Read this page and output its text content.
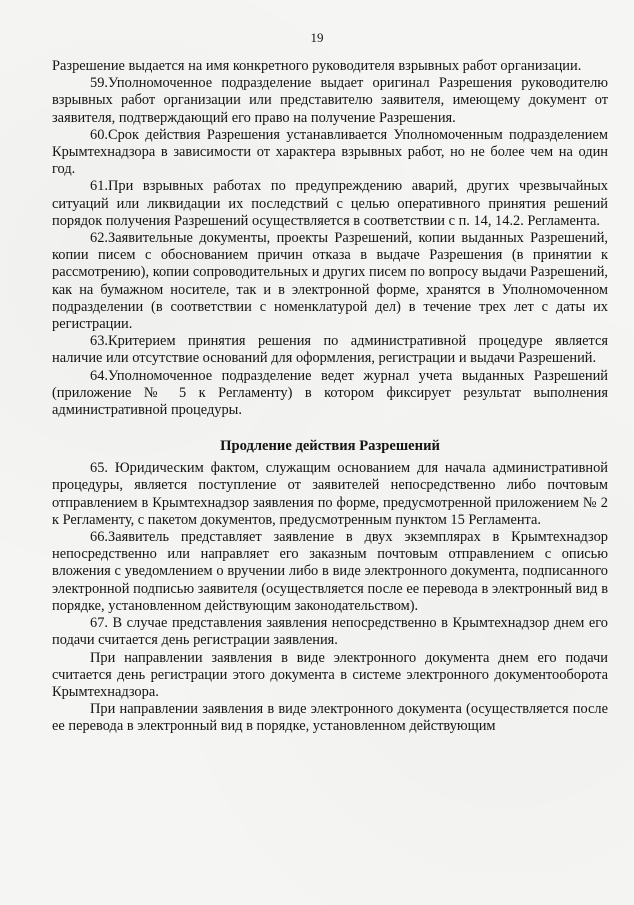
19

Разрешение выдается на имя конкретного руководителя взрывных работ организации.

59.Уполномоченное подразделение выдает оригинал Разрешения руководителю взрывных работ организации или представителю заявителя, имеющему документ от заявителя, подтверждающий его право на получение Разрешения.

60.Срок действия Разрешения устанавливается Уполномоченным подразделением Крымтехнадзора в зависимости от характера взрывных работ, но не более чем на один год.

61.При взрывных работах по предупреждению аварий, других чрезвычайных ситуаций или ликвидации их последствий с целью оперативного принятия решений порядок получения Разрешений осуществляется в соответствии с п. 14, 14.2. Регламента.

62.Заявительные документы, проекты Разрешений, копии выданных Разрешений, копии писем с обоснованием причин отказа в выдаче Разрешения (в принятии к рассмотрению), копии сопроводительных и других писем по вопросу выдачи Разрешений, как на бумажном носителе, так и в электронной форме, хранятся в Уполномоченном подразделении (в соответствии с номенклатурой дел) в течение трех лет с даты их регистрации.

63.Критерием принятия решения по административной процедуре является наличие или отсутствие оснований для оформления, регистрации и выдачи Разрешений.

64.Уполномоченное подразделение ведет журнал учета выданных Разрешений (приложение № 5 к Регламенту) в котором фиксирует результат выполнения административной процедуры.

Продление действия Разрешений

65. Юридическим фактом, служащим основанием для начала административной процедуры, является поступление от заявителей непосредственно либо почтовым отправлением в Крымтехнадзор заявления по форме, предусмотренной приложением № 2 к Регламенту, с пакетом документов, предусмотренным пунктом 15 Регламента.

66.Заявитель представляет заявление в двух экземплярах в Крымтехнадзор непосредственно или направляет его заказным почтовым отправлением с описью вложения с уведомлением о вручении либо в виде электронного документа, подписанного электронной подписью заявителя (осуществляется после ее перевода в электронный вид в порядке, установленном действующим законодательством).

67. В случае представления заявления непосредственно в Крымтехнадзор днем его подачи считается день регистрации заявления.

При направлении заявления в виде электронного документа днем его подачи считается день регистрации этого документа в системе электронного документооборота Крымтехнадзора.

При направлении заявления в виде электронного документа (осуществляется после ее перевода в электронный вид в порядке, установленном действующим
